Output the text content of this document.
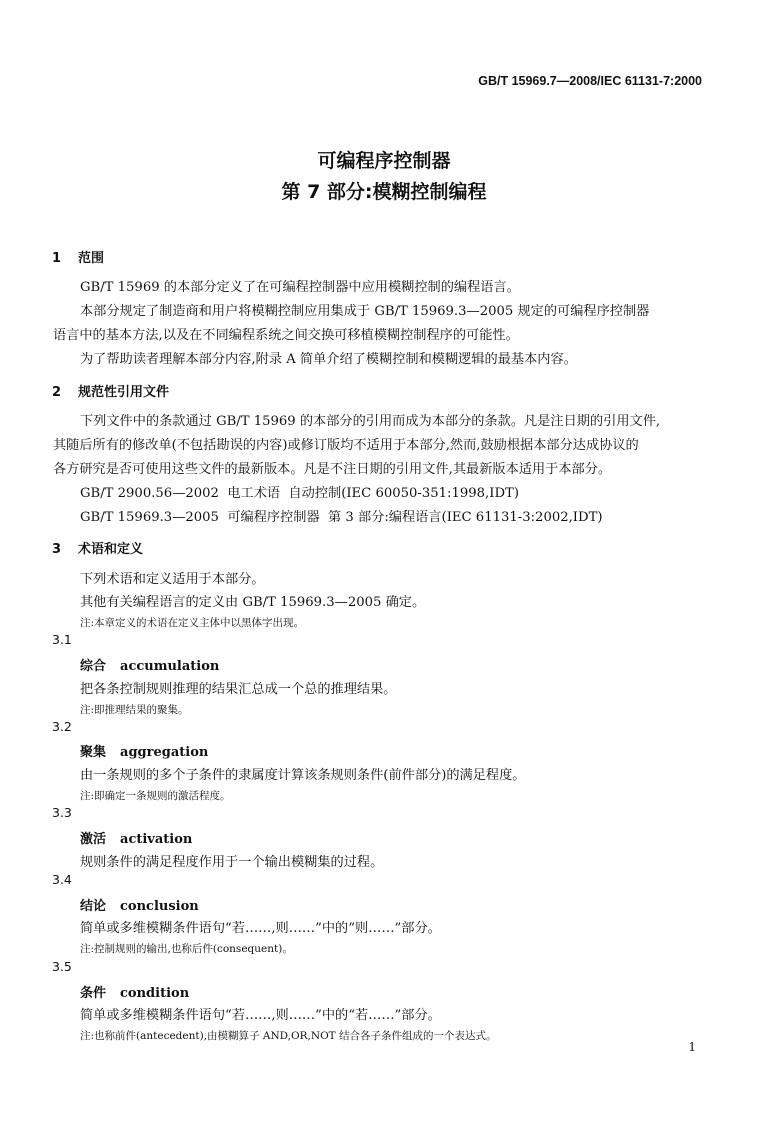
GB/T 15969.7—2008/IEC 61131-7:2000
可编程序控制器
第 7 部分:模糊控制编程
1 范围
GB/T 15969 的本部分定义了在可编程控制器中应用模糊控制的编程语言。
本部分规定了制造商和用户将模糊控制应用集成于 GB/T 15969.3—2005 规定的可编程序控制器
语言中的基本方法,以及在不同编程系统之间交换可移植模糊控制程序的可能性。
为了帮助读者理解本部分内容,附录 A 简单介绍了模糊控制和模糊逻辑的最基本内容。
2 规范性引用文件
下列文件中的条款通过 GB/T 15969 的本部分的引用而成为本部分的条款。凡是注日期的引用文件,
其随后所有的修改单(不包括勘误的内容)或修订版均不适用于本部分,然而,鼓励根据本部分达成协议的
各方研究是否可使用这些文件的最新版本。凡是不注日期的引用文件,其最新版本适用于本部分。
GB/T 2900.56—2002  电工术语  自动控制(IEC 60050-351:1998,IDT)
GB/T 15969.3—2005  可编程序控制器  第 3 部分:编程语言(IEC 61131-3:2002,IDT)
3 术语和定义
下列术语和定义适用于本部分。
其他有关编程语言的定义由 GB/T 15969.3—2005 确定。
注:本章定义的术语在定义主体中以黑体字出现。
3.1
综合 accumulation
把各条控制规则推理的结果汇总成一个总的推理结果。
注:即推理结果的聚集。
3.2
聚集 aggregation
由一条规则的多个子条件的隶属度计算该条规则条件(前件部分)的满足程度。
注:即确定一条规则的激活程度。
3.3
激活 activation
规则条件的满足程度作用于一个输出模糊集的过程。
3.4
结论 conclusion
简单或多维模糊条件语句“若……,则……”中的“则……”部分。
注:控制规则的输出,也称后件(consequent)。
3.5
条件 condition
简单或多维模糊条件语句“若……,则……”中的“若……”部分。
注:也称前件(antecedent),由模糊算子 AND,OR,NOT 结合各子条件组成的一个表达式。
1
